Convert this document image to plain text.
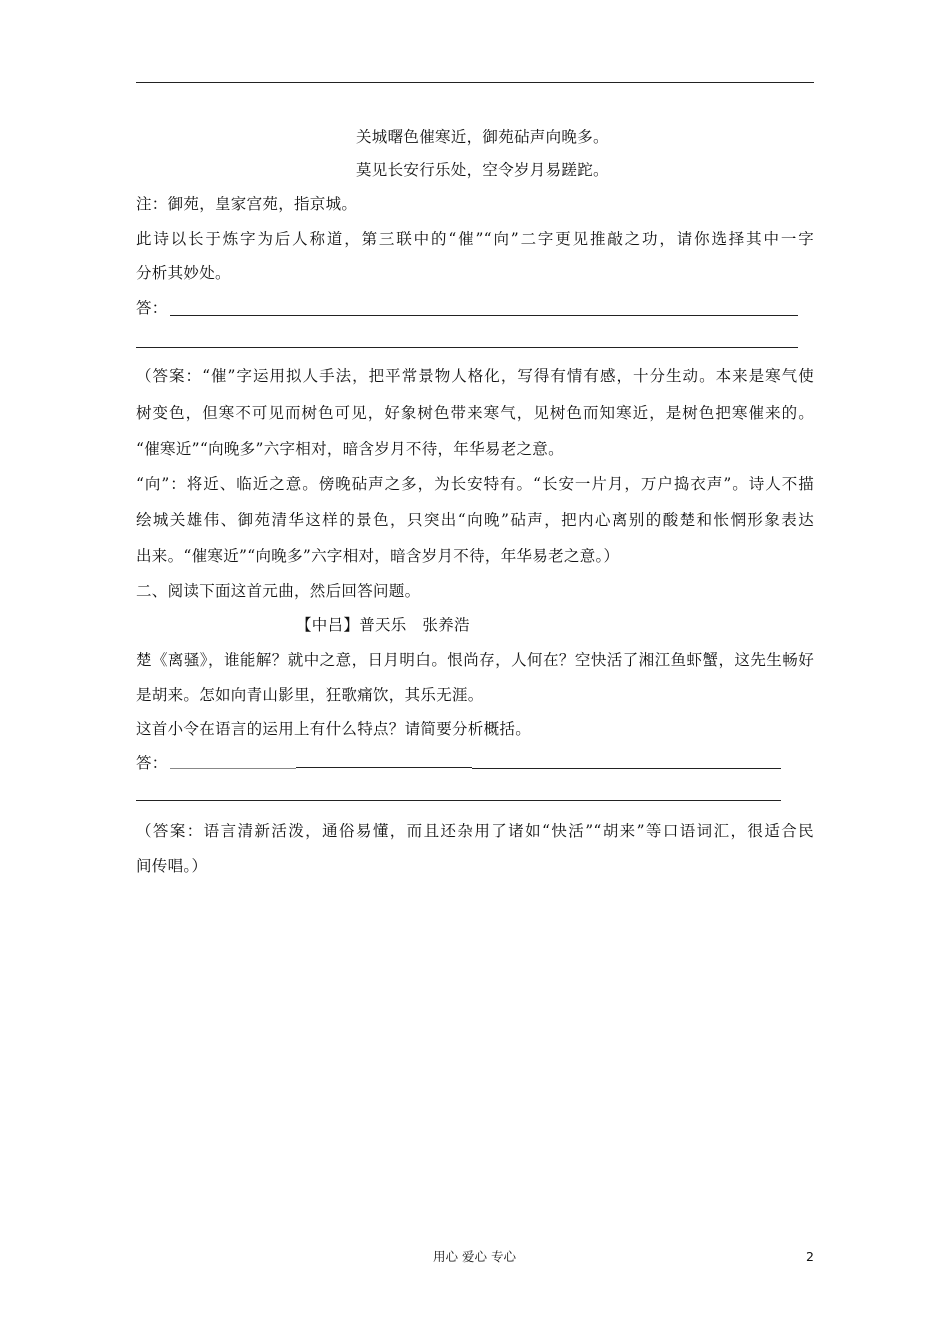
关城曙色催寒近，御苑砧声向晚多。
莫见长安行乐处，空令岁月易蹉跎。
注：御苑，皇家宫苑，指京城。
此诗以长于炼字为后人称道，第三联中的“催”“向”二字更见推敲之功，请你选择其中一字
分析其妙处。
答：
（答案：“催”字运用拟人手法，把平常景物人格化，写得有情有感，十分生动。本来是寒气使
树变色，但寒不可见而树色可见，好象树色带来寒气，见树色而知寒近，是树色把寒催来的。
“催寒近”“向晚多”六字相对，暗含岁月不待，年华易老之意。
“向”：将近、临近之意。傍晚砧声之多，为长安特有。“长安一片月，万户捣衣声”。诗人不描
绘城关雄伟、御苑清华这样的景色，只突出“向晚”砧声，把内心离别的酸楚和怅惘形象表达
出来。“催寒近”“向晚多”六字相对，暗含岁月不待，年华易老之意。）
二、阅读下面这首元曲，然后回答问题。
【中吕】普天乐　张养浩
楚《离骚》，谁能解？就中之意，日月明白。恨尚存，人何在？空快活了湘江鱼虾蟹，这先生畅好
是胡来。怎如向青山影里，狂歌痛饮，其乐无涯。
这首小令在语言的运用上有什么特点？请简要分析概括。
答：
（答案：语言清新活泼，通俗易懂，而且还杂用了诸如“快活”“胡来”等口语词汇，很适合民
间传唱。）
用心 爱心 专心	2
